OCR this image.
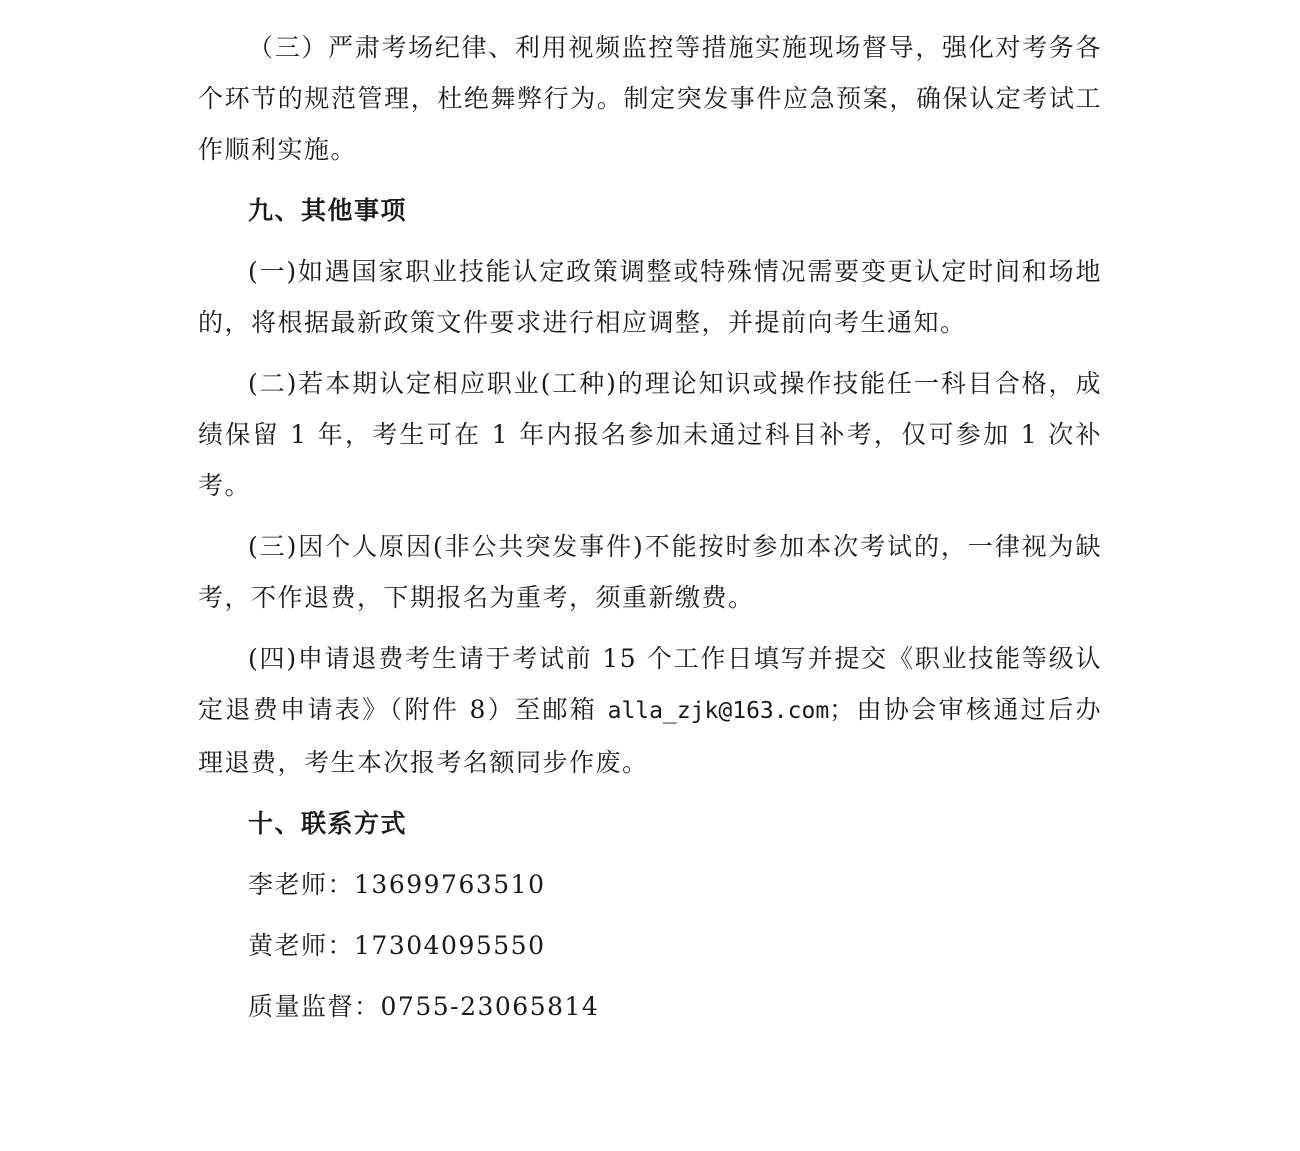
（三）严肃考场纪律、利用视频监控等措施实施现场督导，强化对考务各个环节的规范管理，杜绝舞弊行为。制定突发事件应急预案，确保认定考试工作顺利实施。

九、其他事项

(一)如遇国家职业技能认定政策调整或特殊情况需要变更认定时间和场地的，将根据最新政策文件要求进行相应调整，并提前向考生通知。

(二)若本期认定相应职业(工种)的理论知识或操作技能任一科目合格，成绩保留 1 年，考生可在 1 年内报名参加未通过科目补考，仅可参加 1 次补考。

(三)因个人原因(非公共突发事件)不能按时参加本次考试的，一律视为缺考，不作退费，下期报名为重考，须重新缴费。

(四)申请退费考生请于考试前 15 个工作日填写并提交《职业技能等级认定退费申请表》（附件 8）至邮箱 alla_zjk@163.com；由协会审核通过后办理退费，考生本次报考名额同步作废。

十、联系方式

李老师：13699763510

黄老师：17304095550

质量监督：0755-23065814
